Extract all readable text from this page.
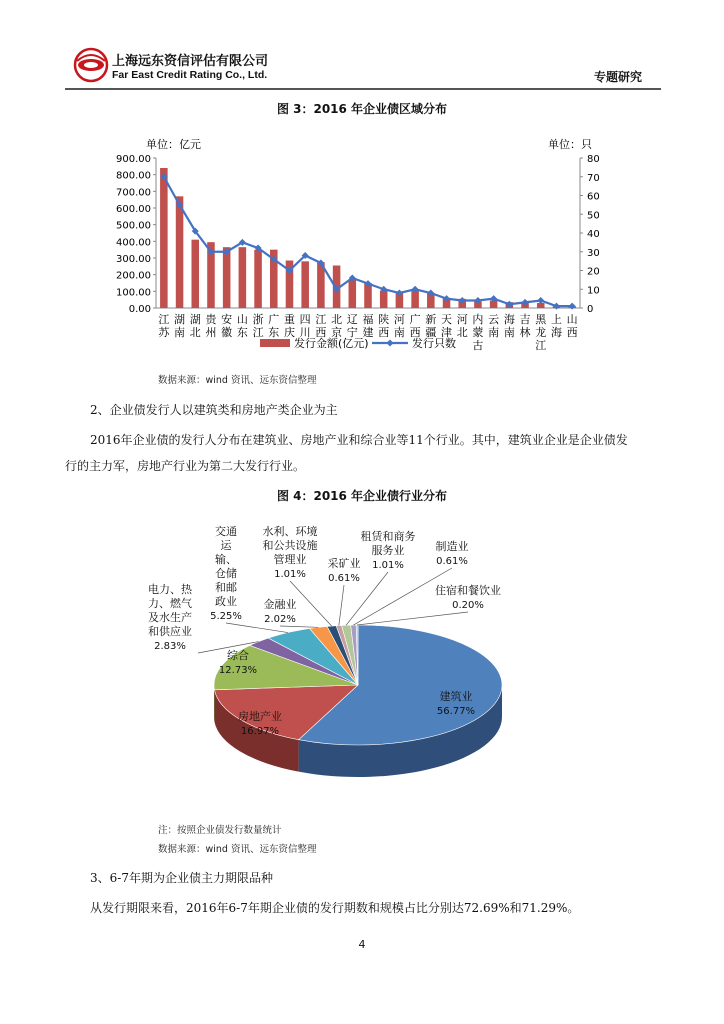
上海远东资信评估有限公司
Far East Credit Rating Co., Ltd.	专题研究
图 3：2016 年企业债区域分布
单位：亿元	单位：只
0.00
100.00
200.00
300.00
400.00
500.00
600.00
700.00
800.00
900.00
0
10
20
30
40
50
60
70
80
江
苏
湖
南
湖
北
贵
州
安
徽
山
东
浙
江
广
东
重
庆
四
川
江
西
北
京
辽
宁
福
建
陕
西
河
南
广
西
新
疆
天
津
河
北
内
蒙
古
云
南
海
南
吉
林
黑
龙
江
上
海
山
西
发行金额(亿元)	发行只数
数据来源：wind 资讯、远东资信整理
2、企业债发行人以建筑类和房地产类企业为主
2016年企业债的发行人分布在建筑业、房地产业和综合业等11个行业。其中，建筑业企业是企业债发
行的主力军，房地产行业为第二大发行行业。
图 4：2016 年企业债行业分布
建筑业
56.77%
房地产业
16.97%
综合
12.73%
电力、热
力、燃气
及水生产
和供应业
2.83%
交通
运
输、
仓储
和邮
政业
5.25%
金融业
2.02%
水利、环境
和公共设施
管理业
1.01%
采矿业
0.61%
租赁和商务
服务业
1.01%
制造业
0.61%
住宿和餐饮业
0.20%
注：按照企业债发行数量统计
数据来源：wind 资讯、远东资信整理
3、6-7年期为企业债主力期限品种
从发行期限来看，2016年6-7年期企业债的发行期数和规模占比分别达72.69%和71.29%。
4
